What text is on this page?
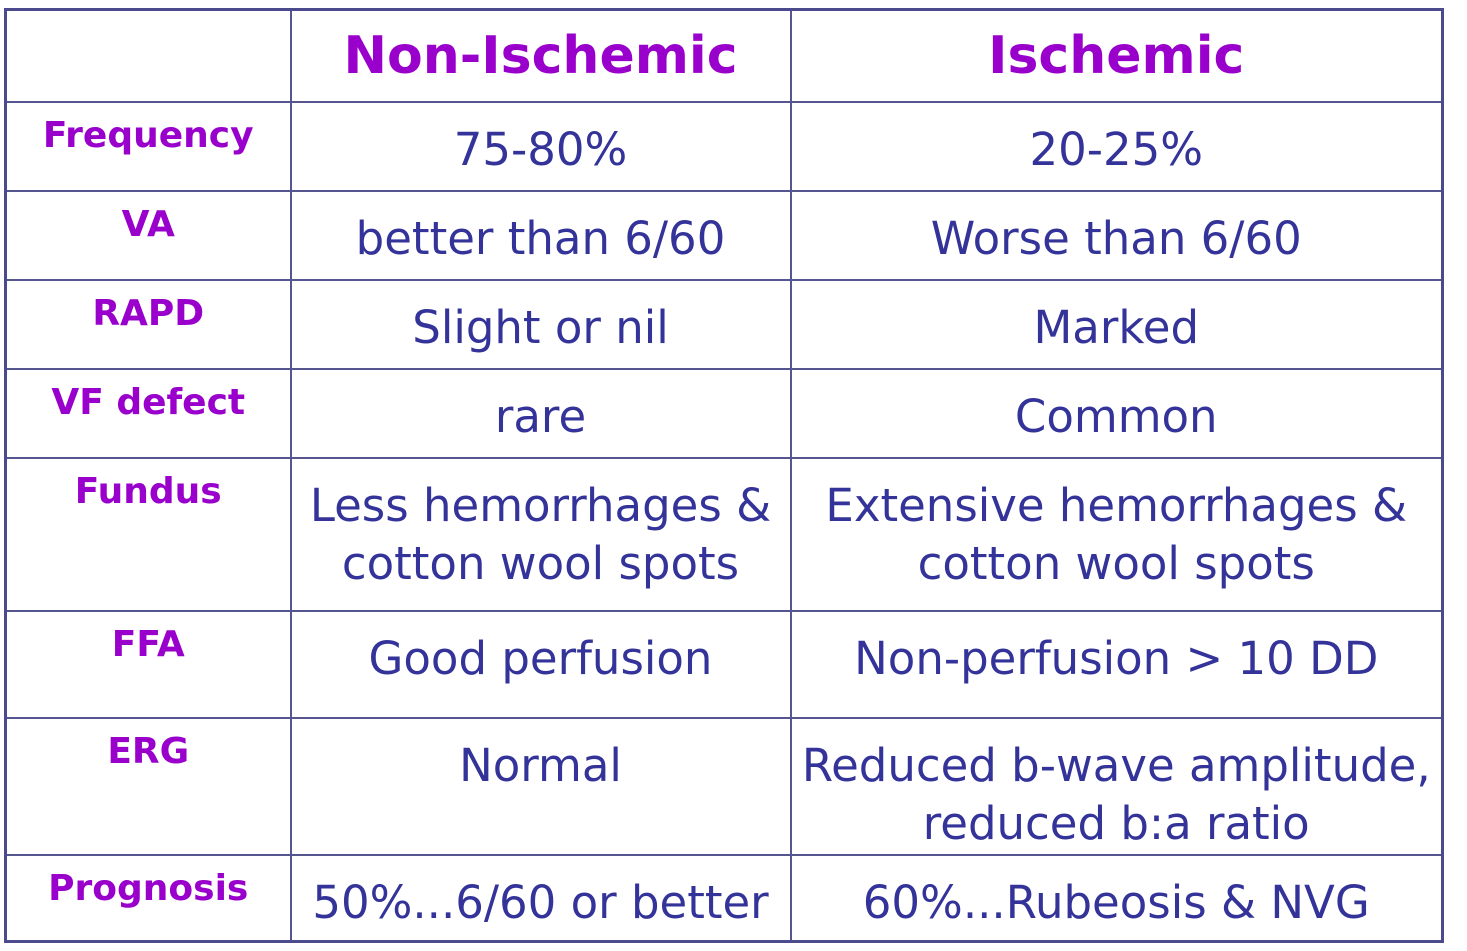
	Non-Ischemic	Ischemic
Frequency	75-80%	20-25%
VA	better than 6/60	Worse than 6/60
RAPD	Slight or nil	Marked
VF defect	rare	Common
Fundus	Less hemorrhages & cotton wool spots	Extensive hemorrhages & cotton wool spots
FFA	Good perfusion	Non-perfusion > 10 DD
ERG	Normal	Reduced b-wave amplitude, reduced b:a ratio
Prognosis	50%...6/60 or better	60%...Rubeosis & NVG
